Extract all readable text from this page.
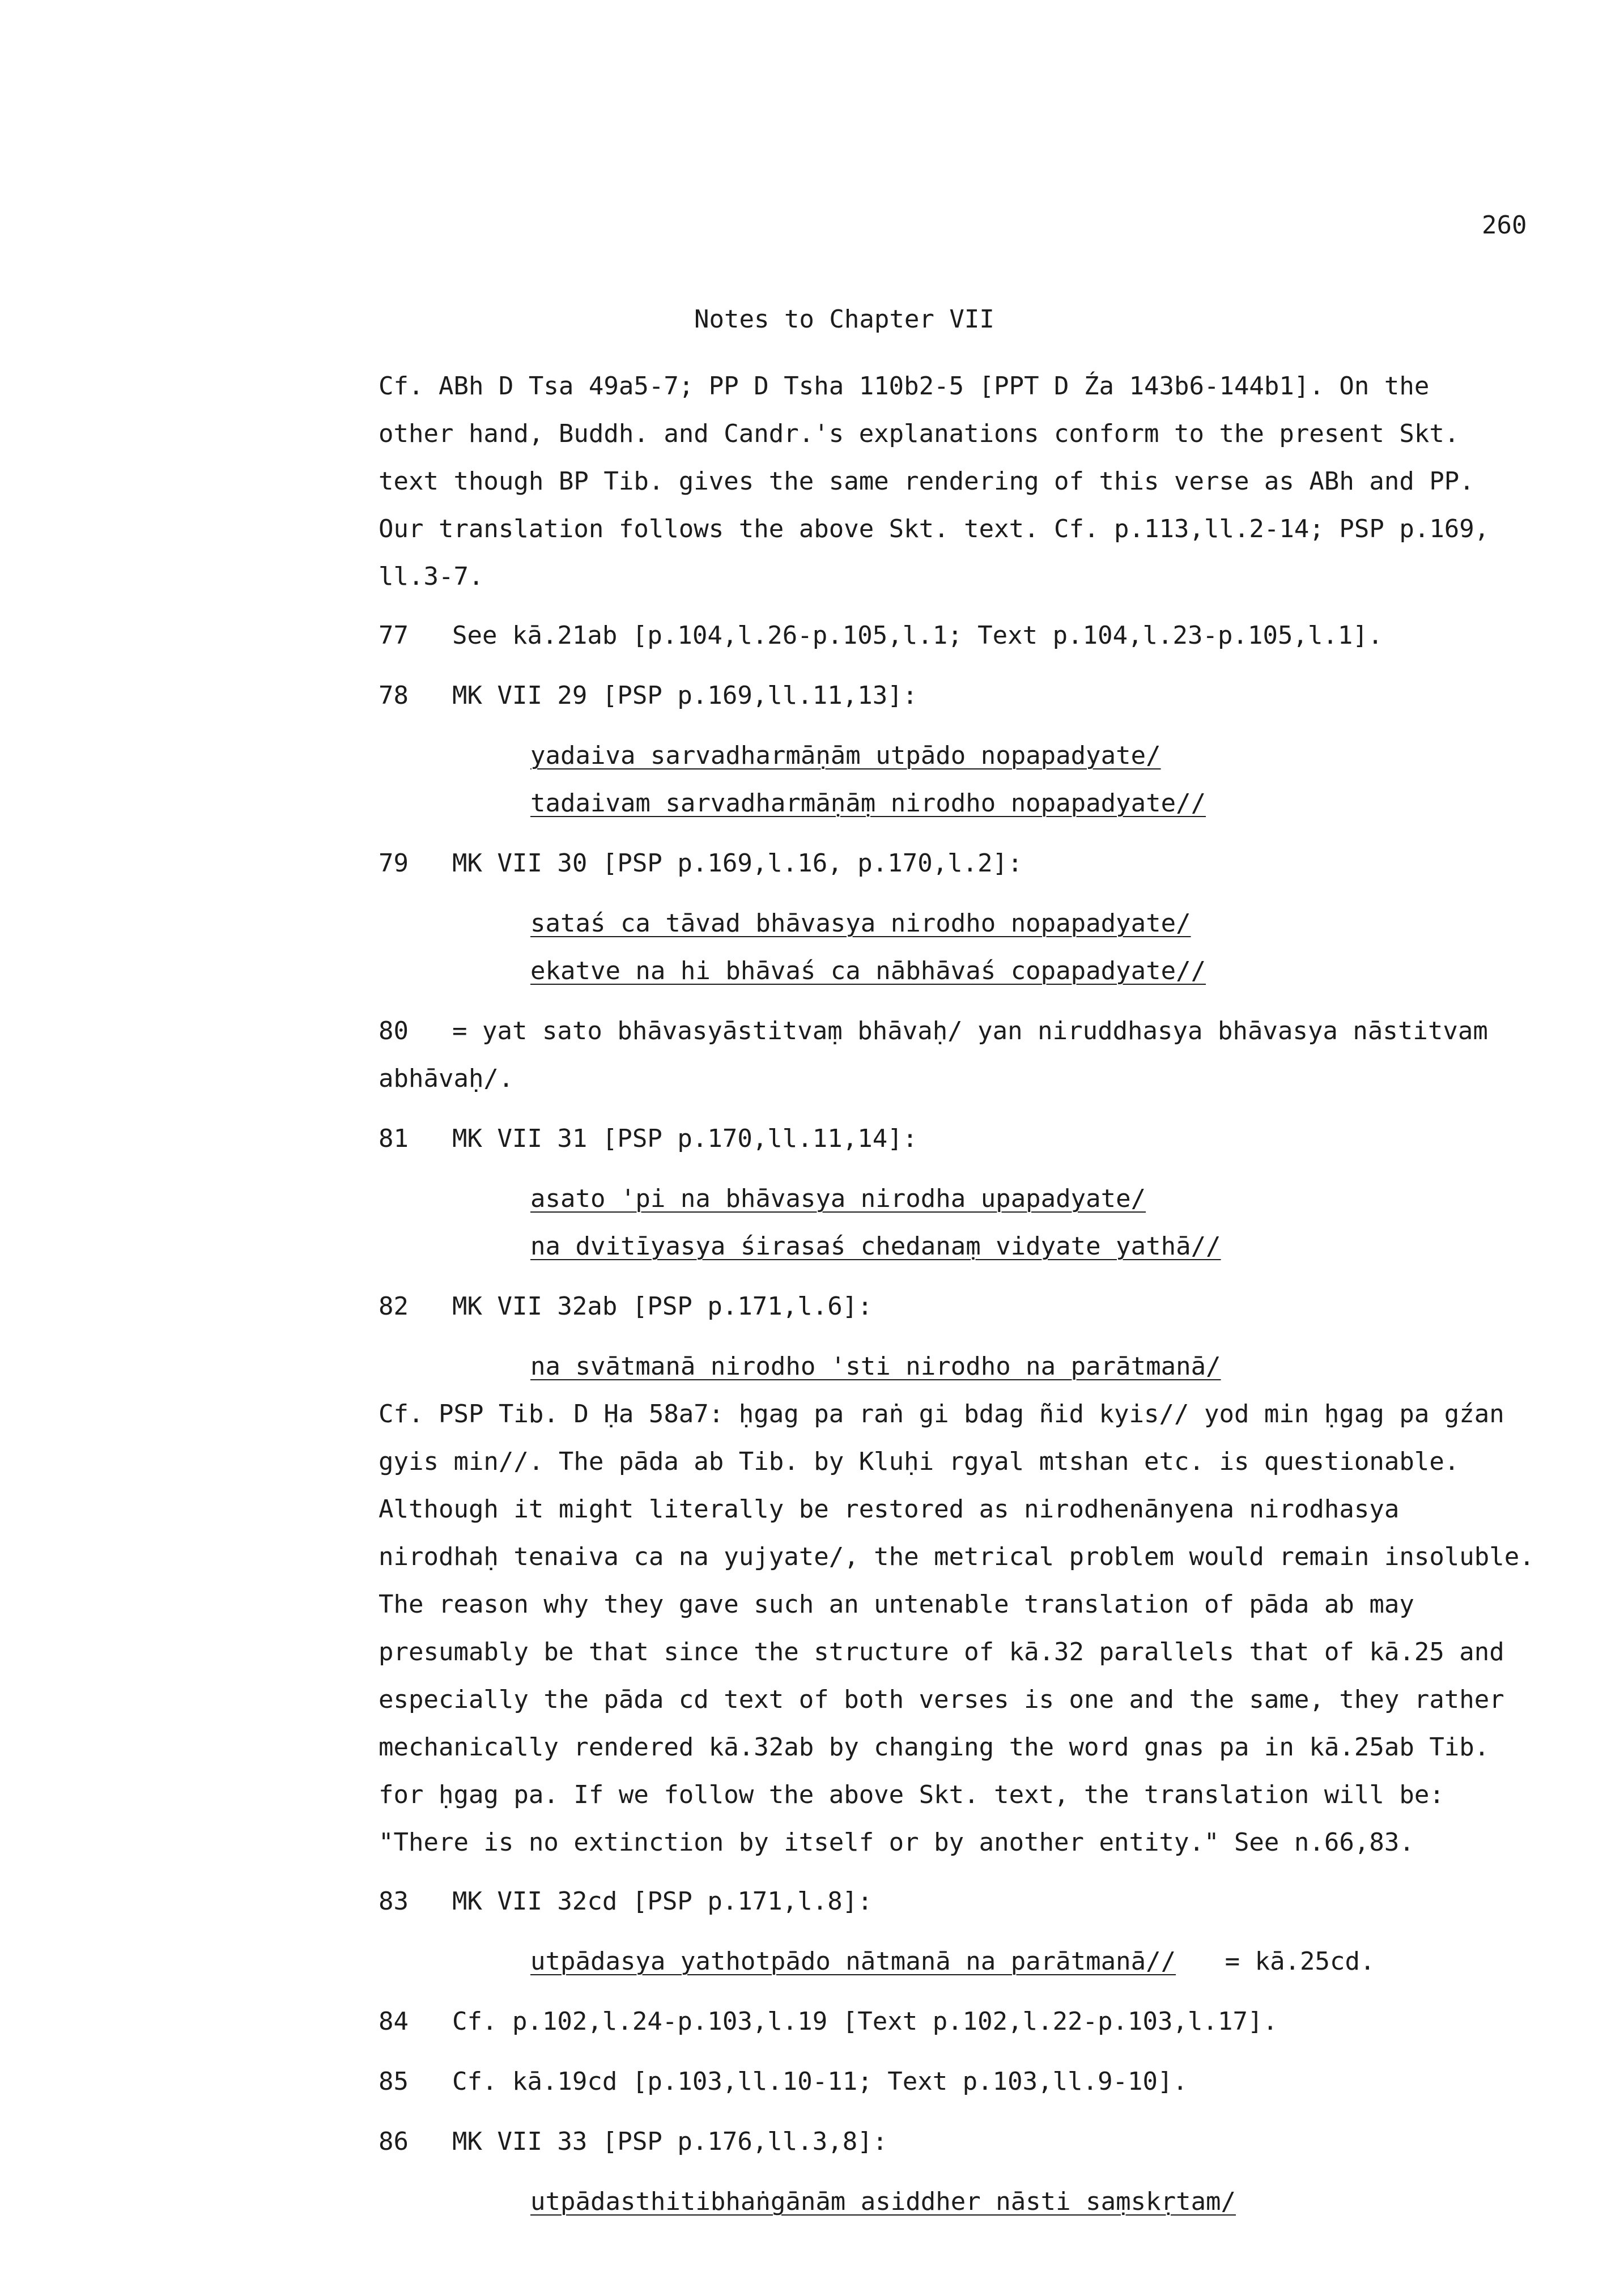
260
Notes to Chapter VII
Cf. ABh D Tsa 49a5-7; PP D Tsha 110b2-5 [PPT D Źa 143b6-144b1]. On the
other hand, Buddh. and Candr.'s explanations conform to the present Skt.
text though BP Tib. gives the same rendering of this verse as ABh and PP.
Our translation follows the above Skt. text. Cf. p.113,ll.2-14; PSP p.169,
ll.3-7.
77	See kā.21ab [p.104,l.26-p.105,l.1; Text p.104,l.23-p.105,l.1].
78	MK VII 29 [PSP p.169,ll.11,13]:
yadaiva sarvadharmāṇām utpādo nopapadyate/
tadaivam sarvadharmāṇāṃ nirodho nopapadyate//
79	MK VII 30 [PSP p.169,l.16, p.170,l.2]:
sataś ca tāvad bhāvasya nirodho nopapadyate/
ekatve na hi bhāvaś ca nābhāvaś copapadyate//
80	= yat sato bhāvasyāstitvaṃ bhāvaḥ/ yan niruddhasya bhāvasya nāstitvam
abhāvaḥ/.
81	MK VII 31 [PSP p.170,ll.11,14]:
asato 'pi na bhāvasya nirodha upapadyate/
na dvitīyasya śirasaś chedanaṃ vidyate yathā//
82	MK VII 32ab [PSP p.171,l.6]:
na svātmanā nirodho 'sti nirodho na parātmanā/
Cf. PSP Tib. D Ḥa 58a7: ḥgag pa raṅ gi bdag ñid kyis// yod min ḥgag pa gźan
gyis min//. The pāda ab Tib. by Kluḥi rgyal mtshan etc. is questionable.
Although it might literally be restored as nirodhenānyena nirodhasya
nirodhaḥ tenaiva ca na yujyate/, the metrical problem would remain insoluble.
The reason why they gave such an untenable translation of pāda ab may
presumably be that since the structure of kā.32 parallels that of kā.25 and
especially the pāda cd text of both verses is one and the same, they rather
mechanically rendered kā.32ab by changing the word gnas pa in kā.25ab Tib.
for ḥgag pa. If we follow the above Skt. text, the translation will be:
"There is no extinction by itself or by another entity." See n.66,83.
83	MK VII 32cd [PSP p.171,l.8]:
utpādasya yathotpādo nātmanā na parātmanā// = kā.25cd.
84	Cf. p.102,l.24-p.103,l.19 [Text p.102,l.22-p.103,l.17].
85	Cf. kā.19cd [p.103,ll.10-11; Text p.103,ll.9-10].
86	MK VII 33 [PSP p.176,ll.3,8]:
utpādasthitibhaṅgānām asiddher nāsti saṃskṛtam/
